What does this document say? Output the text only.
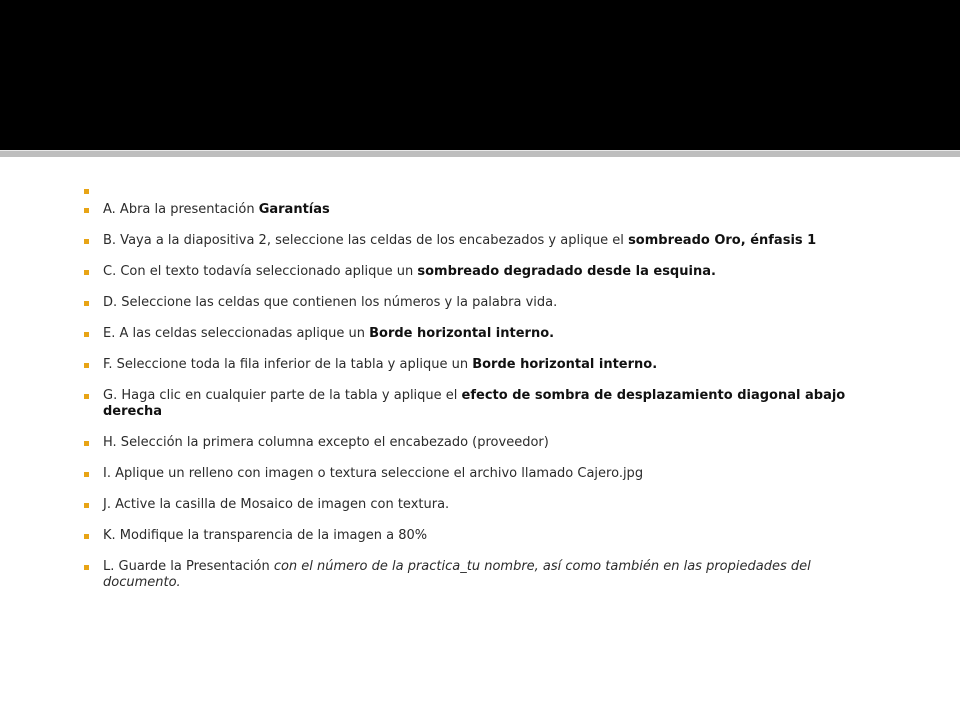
A. Abra la presentación Garantías
B. Vaya a la diapositiva 2, seleccione las celdas de los encabezados y aplique el sombreado Oro, énfasis 1
C. Con el texto todavía seleccionado aplique un sombreado degradado desde la esquina.
D. Seleccione las celdas que contienen los números y la palabra vida.
E. A las celdas seleccionadas aplique un Borde horizontal interno.
F. Seleccione toda la fila inferior de la tabla y aplique un Borde horizontal interno.
G. Haga clic en cualquier parte de la tabla y aplique el efecto de sombra de desplazamiento diagonal abajo derecha
H. Selección la primera columna excepto el encabezado (proveedor)
I. Aplique un relleno con imagen o textura seleccione el archivo llamado Cajero.jpg
J. Active la casilla de Mosaico de imagen con textura.
K. Modifique la transparencia de la imagen a 80%
L. Guarde la Presentación con el número de la practica_tu nombre, así como también en las propiedades del documento.
